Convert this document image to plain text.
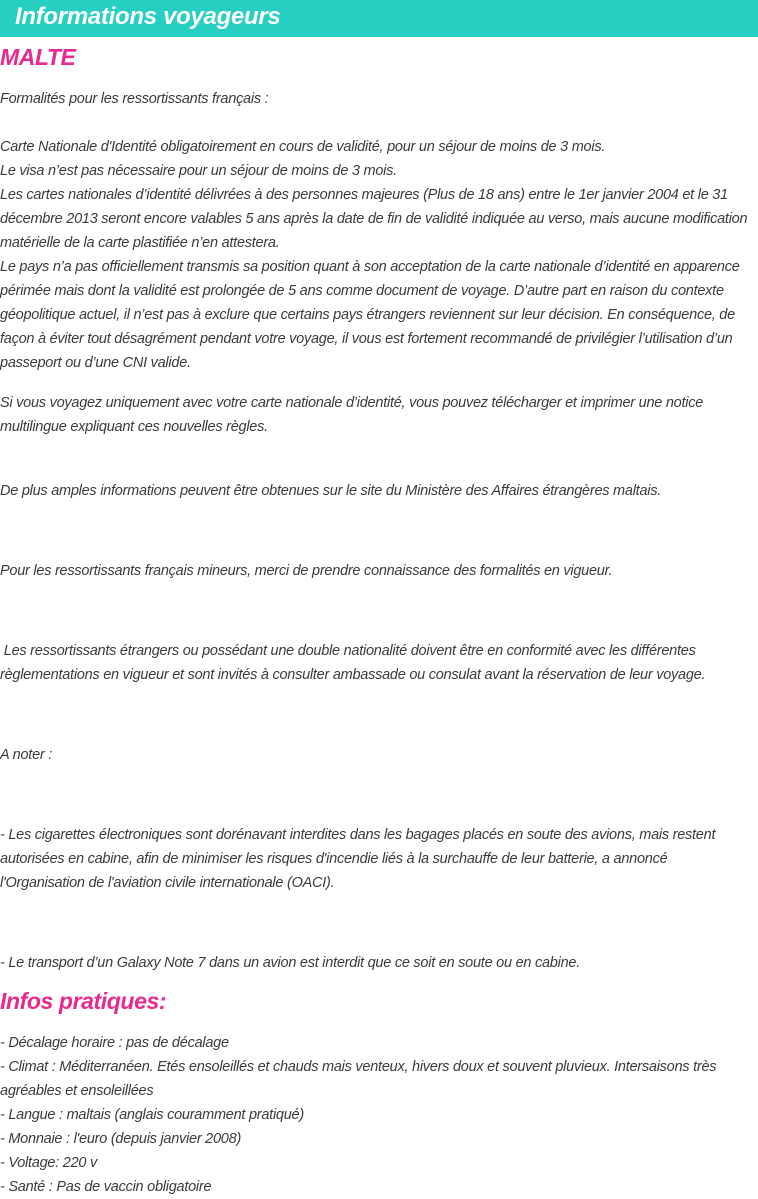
Informations voyageurs
MALTE
Formalités pour les ressortissants français :
Carte Nationale d'Identité obligatoirement en cours de validité, pour un séjour de moins de 3 mois.
Le visa n’est pas nécessaire pour un séjour de moins de 3 mois.
Les cartes nationales d’identité délivrées à des personnes majeures (Plus de 18 ans) entre le 1er janvier 2004 et le 31
décembre 2013 seront encore valables 5 ans après la date de fin de validité indiquée au verso, mais aucune modification
matérielle de la carte plastifiée n’en attestera.
Le pays n’a pas officiellement transmis sa position quant à son acceptation de la carte nationale d’identité en apparence
périmée mais dont la validité est prolongée de 5 ans comme document de voyage. D’autre part en raison du contexte
géopolitique actuel, il n’est pas à exclure que certains pays étrangers reviennent sur leur décision. En conséquence, de
façon à éviter tout désagrément pendant votre voyage, il vous est fortement recommandé de privilégier l’utilisation d’un
passeport ou d’une CNI valide.
Si vous voyagez uniquement avec votre carte nationale d’identité, vous pouvez télécharger et imprimer une notice
multilingue expliquant ces nouvelles règles.
De plus amples informations peuvent être obtenues sur le site du Ministère des Affaires étrangères maltais.
Pour les ressortissants français mineurs, merci de prendre connaissance des formalités en vigueur.
Les ressortissants étrangers ou possédant une double nationalité doivent être en conformité avec les différentes
règlementations en vigueur et sont invités à consulter ambassade ou consulat avant la réservation de leur voyage.
A noter :
- Les cigarettes électroniques sont dorénavant interdites dans les bagages placés en soute des avions, mais restent
autorisées en cabine, afin de minimiser les risques d'incendie liés à la surchauffe de leur batterie, a annoncé
l'Organisation de l'aviation civile internationale (OACI).
- Le transport d’un Galaxy Note 7 dans un avion est interdit que ce soit en soute ou en cabine.
Infos pratiques:
- Décalage horaire : pas de décalage
- Climat : Méditerranéen. Etés ensoleillés et chauds mais venteux, hivers doux et souvent pluvieux. Intersaisons très
agréables et ensoleillées
- Langue : maltais (anglais couramment pratiqué)
- Monnaie : l'euro (depuis janvier 2008)
- Voltage: 220 v
- Santé : Pas de vaccin obligatoire
